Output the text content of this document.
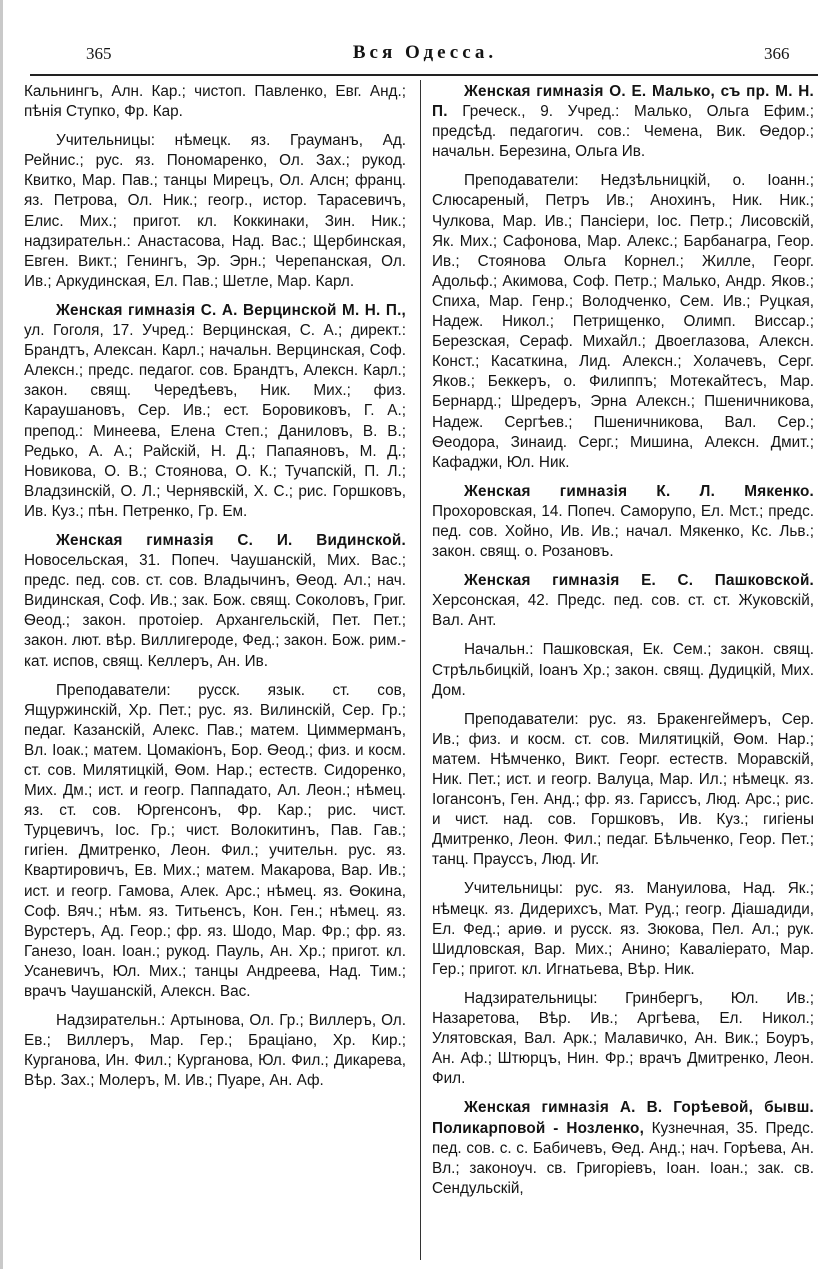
365	Вся Одесса.	366

Кальнингъ, Алн. Кар.; чистоп. Павленко, Евг. Анд.; пѣнія Ступко, Фр. Кар.

Учительницы: нѣмецк. яз. Грауманъ, Ад. Рейнис.; рус. яз. Пономаренко, Ол. Зах.; рукод. Квитко, Мар. Пав.; танцы Мирецъ, Ол. Алсн; франц. яз. Петрова, Ол. Ник.; геогр., истор. Тарасевичъ, Елис. Мих.; пригот. кл. Коккинаки, Зин. Ник.; надзирательн.: Анастасова, Над. Вас.; Щербинская, Евген. Викт.; Генингъ, Эр. Эрн.; Черепанская, Ол. Ив.; Аркудинская, Ел. Пав.; Шетле, Мар. Карл.

Женская гимназія С. А. Верцинской М. Н. П., ул. Гоголя, 17. Учред.: Верцинская, С. А.; директ.: Брандтъ, Алексан. Карл.; начальн. Верцинская, Соф. Алексн.; предс. педагог. сов. Брандтъ, Алексн. Карл.; закон. свящ. Чередѣевъ, Ник. Мих.; физ. Караушановъ, Сер. Ив.; ест. Боровиковъ, Г. А.; препод.: Минеева, Елена Степ.; Даниловъ, В. В.; Редько, А. А.; Райскій, Н. Д.; Папаяновъ, М. Д.; Новикова, О. В.; Стоянова, О. К.; Тучапскій, П. Л.; Владзинскій, О. Л.; Чернявскій, Х. С.; рис. Горшковъ, Ив. Куз.; пѣн. Петренко, Гр. Ем.

Женская гимназія С. И. Видинской. Новосельская, 31. Попеч. Чаушанскій, Мих. Вас.; предс. пед. сов. ст. сов. Владычинъ, Ѳеод. Ал.; нач. Видинская, Соф. Ив.; зак. Бож. свящ. Соколовъ, Григ. Ѳеод.; закон. протоіер. Архангельскій, Пет. Пет.; закон. лют. вѣр. Виллигероде, Фед.; закон. Бож. рим.-кат. испов, свящ. Келлеръ, Ан. Ив.

Преподаватели: русск. язык. ст. сов, Ящуржинскій, Хр. Пет.; рус. яз. Вилинскій, Сер. Гр.; педаг. Казанскій, Алекс. Пав.; матем. Циммерманъ, Вл. Іоак.; матем. Цомакіонъ, Бор. Ѳеод.; физ. и косм. ст. сов. Милятицкій, Ѳом. Нар.; естеств. Сидоренко, Мих. Дм.; ист. и геогр. Паппадато, Ал. Леон.; нѣмец. яз. ст. сов. Юргенсонъ, Фр. Кар.; рис. чист. Турцевичъ, Іос. Гр.; чист. Волокитинъ, Пав. Гав.; гигіен. Дмитренко, Леон. Фил.; учительн. рус. яз. Квартировичъ, Ев. Мих.; матем. Макарова, Вар. Ив.; ист. и геогр. Гамова, Алек. Арс.; нѣмец. яз. Ѳокина, Соф. Вяч.; нѣм. яз. Титьенсъ, Кон. Ген.; нѣмец. яз. Вурстеръ, Ад. Геор.; фр. яз. Шодо, Мар. Фр.; фр. яз. Ганезо, Іоан. Іоан.; рукод. Пауль, Ан. Хр.; пригот. кл. Усаневичъ, Юл. Мих.; танцы Андреева, Над. Тим.; врачъ Чаушанскій, Алексн. Вас.

Надзирательн.: Артынова, Ол. Гр.; Виллеръ, Ол. Ев.; Виллеръ, Мар. Гер.; Браціано, Хр. Кир.; Курганова, Ин. Фил.; Курганова, Юл. Фил.; Дикарева, Вѣр. Зах.; Молеръ, М. Ив.; Пуаре, Ан. Аф.

Женская гимназія О. Е. Малько, съ пр. М. Н. П. Греческ., 9. Учред.: Малько, Ольга Ефим.; предсѣд. педагогич. сов.: Чемена, Вик. Ѳедор.; начальн. Березина, Ольга Ив.

Преподаватели: Недзѣльницкій, о. Іоанн.; Слюсареный, Петръ Ив.; Анохинъ, Ник. Ник.; Чулкова, Мар. Ив.; Пансіери, Іос. Петр.; Лисовскій, Як. Мих.; Сафонова, Мар. Алекс.; Барбанагра, Геор. Ив.; Стоянова Ольга Корнел.; Жилле, Георг. Адольф.; Акимова, Соф. Петр.; Малько, Андр. Яков.; Спиха, Мар. Генр.; Володченко, Сем. Ив.; Руцкая, Надеж. Никол.; Петрищенко, Олимп. Виссар.; Березская, Сераф. Михайл.; Двоеглазова, Алексн. Конст.; Касаткина, Лид. Алексн.; Холачевъ, Серг. Яков.; Беккеръ, о. Филиппъ; Мотекайтесъ, Мар. Бернард.; Шредеръ, Эрна Алексн.; Пшеничникова, Надеж. Сергѣев.; Пшеничникова, Вал. Сер.; Ѳеодора, Зинаид. Серг.; Мишина, Алексн. Дмит.; Кафаджи, Юл. Ник.

Женская гимназія К. Л. Мякенко. Прохоровская, 14. Попеч. Саморупо, Ел. Мст.; предс. пед. сов. Хойно, Ив. Ив.; начал. Мякенко, Кс. Льв.; закон. свящ. о. Розановъ.

Женская гимназія Е. С. Пашковской. Херсонская, 42. Предс. пед. сов. ст. ст. Жуковскій, Вал. Ант.

Начальн.: Пашковская, Ек. Сем.; закон. свящ. Стрѣльбицкій, Іоанъ Хр.; закон. свящ. Дудицкій, Мих. Дом.

Преподаватели: рус. яз. Бракенгеймеръ, Сер. Ив.; физ. и косм. ст. сов. Милятицкій, Ѳом. Нар.; матем. Нѣмченко, Викт. Георг. естеств. Моравскій, Ник. Пет.; ист. и геогр. Валуца, Мар. Ил.; нѣмецк. яз. Іогансонъ, Ген. Анд.; фр. яз. Гариссъ, Люд. Арс.; рис. и чист. над. сов. Горшковъ, Ив. Куз.; гигіены Дмитренко, Леон. Фил.; педаг. Бѣльченко, Геор. Пет.; танц. Прауссъ, Люд. Иг.

Учительницы: рус. яз. Мануилова, Над. Як.; нѣмецк. яз. Дидерихсъ, Мат. Руд.; геогр. Діашадиди, Ел. Фед.; ариѳ. и русск. яз. Зюкова, Пел. Ал.; рук. Шидловская, Вар. Мих.; Анино; Кавалiерато, Мар. Гер.; пригот. кл. Игнатьева, Вѣр. Ник.

Надзирательницы: Гринбергъ, Юл. Ив.; Назаретова, Вѣр. Ив.; Аргѣева, Ел. Никол.; Улятовская, Вал. Арк.; Малавичко, Ан. Вик.; Боуръ, Ан. Аф.; Штюрцъ, Нин. Фр.; врачъ Дмитренко, Леон. Фил.

Женская гимназія А. В. Горѣевой, бывш. Поликарповой - Нозленко, Кузнечная, 35. Предс. пед. сов. с. с. Бабичевъ, Ѳед. Анд.; нач. Горѣева, Ан. Вл.; законоуч. св. Григоріевъ, Іоан. Іоан.; зак. св. Сендульскій,
